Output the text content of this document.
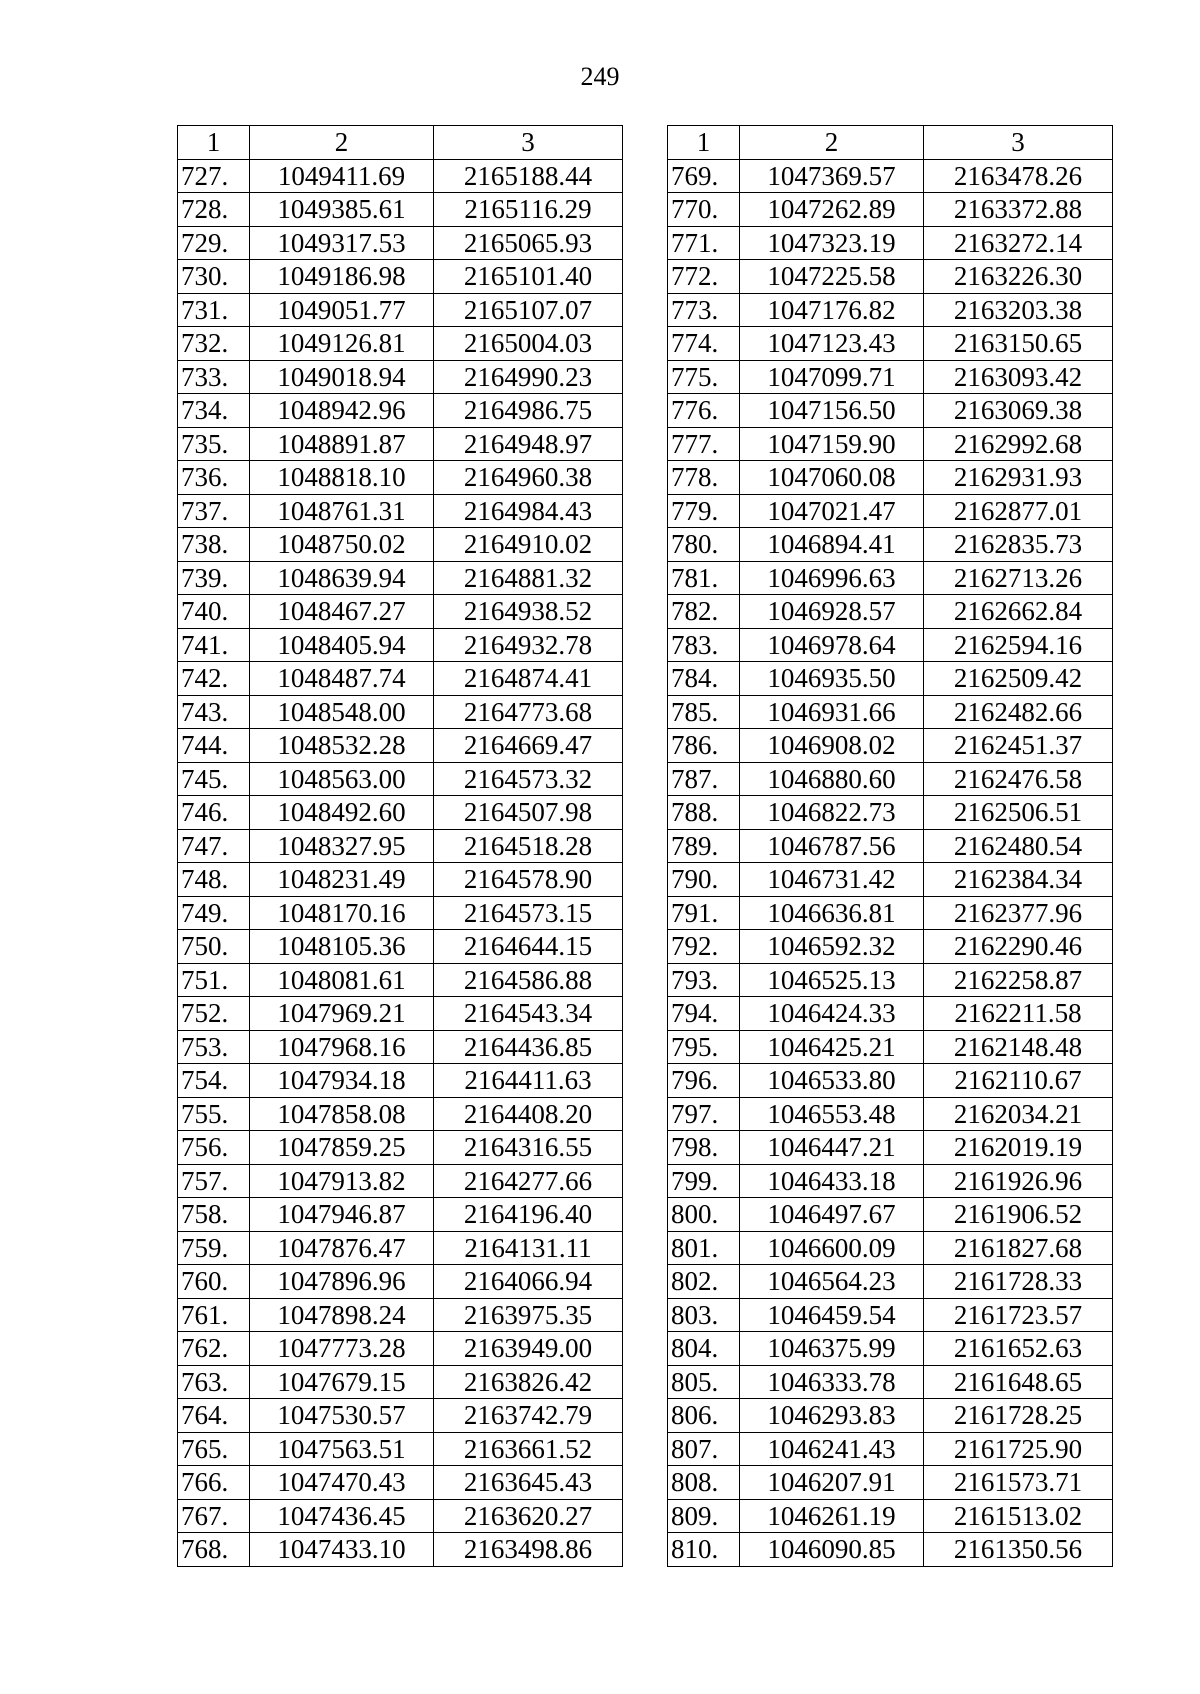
249
1	2	3
727.	1049411.69	2165188.44
728.	1049385.61	2165116.29
729.	1049317.53	2165065.93
730.	1049186.98	2165101.40
731.	1049051.77	2165107.07
732.	1049126.81	2165004.03
733.	1049018.94	2164990.23
734.	1048942.96	2164986.75
735.	1048891.87	2164948.97
736.	1048818.10	2164960.38
737.	1048761.31	2164984.43
738.	1048750.02	2164910.02
739.	1048639.94	2164881.32
740.	1048467.27	2164938.52
741.	1048405.94	2164932.78
742.	1048487.74	2164874.41
743.	1048548.00	2164773.68
744.	1048532.28	2164669.47
745.	1048563.00	2164573.32
746.	1048492.60	2164507.98
747.	1048327.95	2164518.28
748.	1048231.49	2164578.90
749.	1048170.16	2164573.15
750.	1048105.36	2164644.15
751.	1048081.61	2164586.88
752.	1047969.21	2164543.34
753.	1047968.16	2164436.85
754.	1047934.18	2164411.63
755.	1047858.08	2164408.20
756.	1047859.25	2164316.55
757.	1047913.82	2164277.66
758.	1047946.87	2164196.40
759.	1047876.47	2164131.11
760.	1047896.96	2164066.94
761.	1047898.24	2163975.35
762.	1047773.28	2163949.00
763.	1047679.15	2163826.42
764.	1047530.57	2163742.79
765.	1047563.51	2163661.52
766.	1047470.43	2163645.43
767.	1047436.45	2163620.27
768.	1047433.10	2163498.86
1	2	3
769.	1047369.57	2163478.26
770.	1047262.89	2163372.88
771.	1047323.19	2163272.14
772.	1047225.58	2163226.30
773.	1047176.82	2163203.38
774.	1047123.43	2163150.65
775.	1047099.71	2163093.42
776.	1047156.50	2163069.38
777.	1047159.90	2162992.68
778.	1047060.08	2162931.93
779.	1047021.47	2162877.01
780.	1046894.41	2162835.73
781.	1046996.63	2162713.26
782.	1046928.57	2162662.84
783.	1046978.64	2162594.16
784.	1046935.50	2162509.42
785.	1046931.66	2162482.66
786.	1046908.02	2162451.37
787.	1046880.60	2162476.58
788.	1046822.73	2162506.51
789.	1046787.56	2162480.54
790.	1046731.42	2162384.34
791.	1046636.81	2162377.96
792.	1046592.32	2162290.46
793.	1046525.13	2162258.87
794.	1046424.33	2162211.58
795.	1046425.21	2162148.48
796.	1046533.80	2162110.67
797.	1046553.48	2162034.21
798.	1046447.21	2162019.19
799.	1046433.18	2161926.96
800.	1046497.67	2161906.52
801.	1046600.09	2161827.68
802.	1046564.23	2161728.33
803.	1046459.54	2161723.57
804.	1046375.99	2161652.63
805.	1046333.78	2161648.65
806.	1046293.83	2161728.25
807.	1046241.43	2161725.90
808.	1046207.91	2161573.71
809.	1046261.19	2161513.02
810.	1046090.85	2161350.56
